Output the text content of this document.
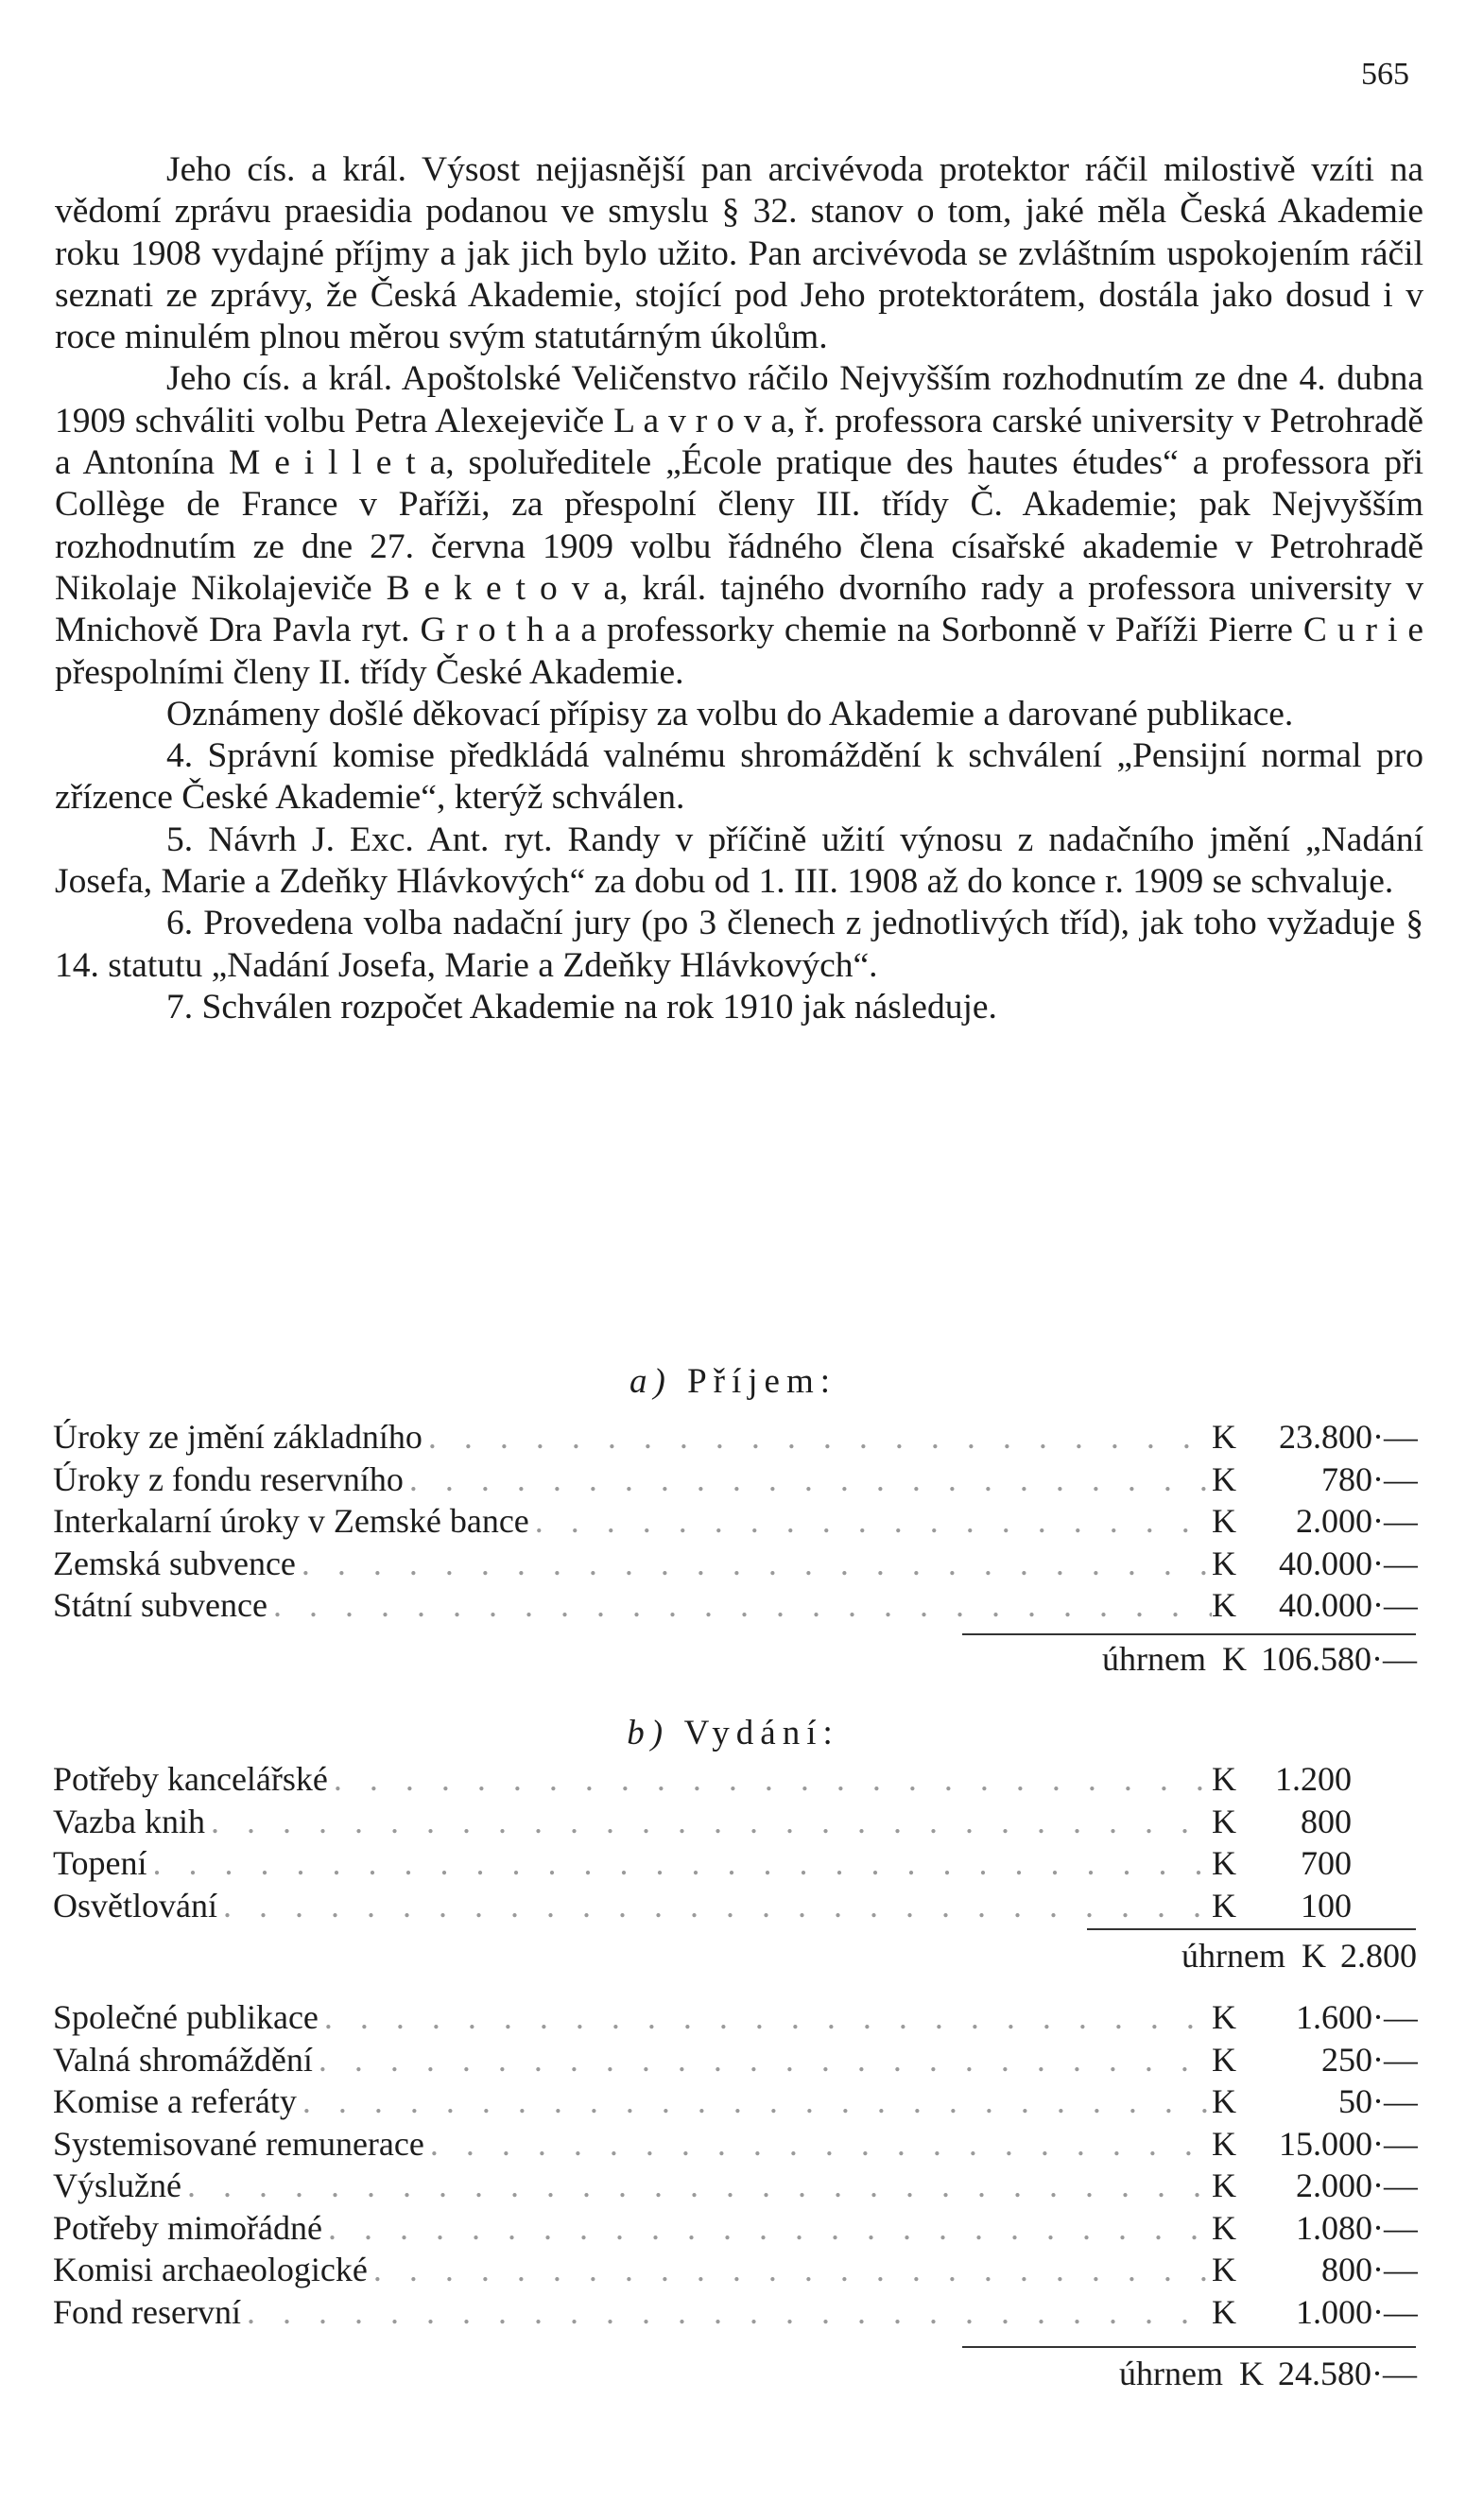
565

Jeho cís. a král. Výsost nejjasnější pan arcivévoda protektor ráčil milostivě vzíti na vědomí zprávu praesidia podanou ve smyslu § 32. stanov o tom, jaké měla Česká Akademie roku 1908 vydajné příjmy a jak jich bylo užito. Pan arcivévoda se zvláštním uspokojením ráčil seznati ze zprávy, že Česká Akademie, stojící pod Jeho protektorátem, dostála jako dosud i v roce minulém plnou měrou svým statutárným úkolům.

Jeho cís. a král. Apoštolské Veličenstvo ráčilo Nejvyšším rozhodnutím ze dne 4. dubna 1909 schváliti volbu Petra Alexejeviče L a v r o v a, ř. professora carské university v Petrohradě a Antonína M e i l l e t a, spoluředitele „École pratique des hautes études“ a professora při Collège de France v Paříži, za přespolní členy III. třídy Č. Akademie; pak Nejvyšším rozhodnutím ze dne 27. června 1909 volbu řádného člena císařské akademie v Petrohradě Nikolaje Nikolajeviče B e k e t o v a, král. tajného dvorního rady a professora university v Mnichově Dra Pavla ryt. G r o t h a a professorky chemie na Sorbonně v Paříži Pierre C u r i e přespolními členy II. třídy České Akademie.

Oznámeny došlé děkovací přípisy za volbu do Akademie a darované publikace.

4. Správní komise předkládá valnému shromáždění k schválení „Pensijní normal pro zřízence České Akademie“, kterýž schválen.

5. Návrh J. Exc. Ant. ryt. Randy v příčině užití výnosu z nadačního jmění „Nadání Josefa, Marie a Zdeňky Hlávkových“ za dobu od 1. III. 1908 až do konce r. 1909 se schvaluje.

6. Provedena volba nadační jury (po 3 členech z jednotlivých tříd), jak toho vyžaduje § 14. statutu „Nadání Josefa, Marie a Zdeňky Hlávkových“.

7. Schválen rozpočet Akademie na rok 1910 jak následuje.

a) Příjem:
Úroky ze jmění základního . . .	K	23.800·—
Úroky z fondu reservního . . .	K	780·—
Interkalarní úroky v Zemské bance . . .	K	2.000·—
Zemská subvence . . .	K	40.000·—
Státní subvence . . .	K	40.000·—
úhrnem K 106.580·—
b) Vydání:
Potřeby kancelářské . . .	K	1.200
Vazba knih . . .	K	800
Topení . . .	K	700
Osvětlování . . .	K	100
úhrnem K 2.800
Společné publikace . . .	K	1.600·—
Valná shromáždění . . .	K	250·—
Komise a referáty . . .	K	50·—
Systemisované remunerace . . .	K	15.000·—
Výslužné . . .	K	2.000·—
Potřeby mimořádné . . .	K	1.080·—
Komisi archaeologické . . .	K	800·—
Fond reservní . . .	K	1.000·—
úhrnem K 24.580·—
